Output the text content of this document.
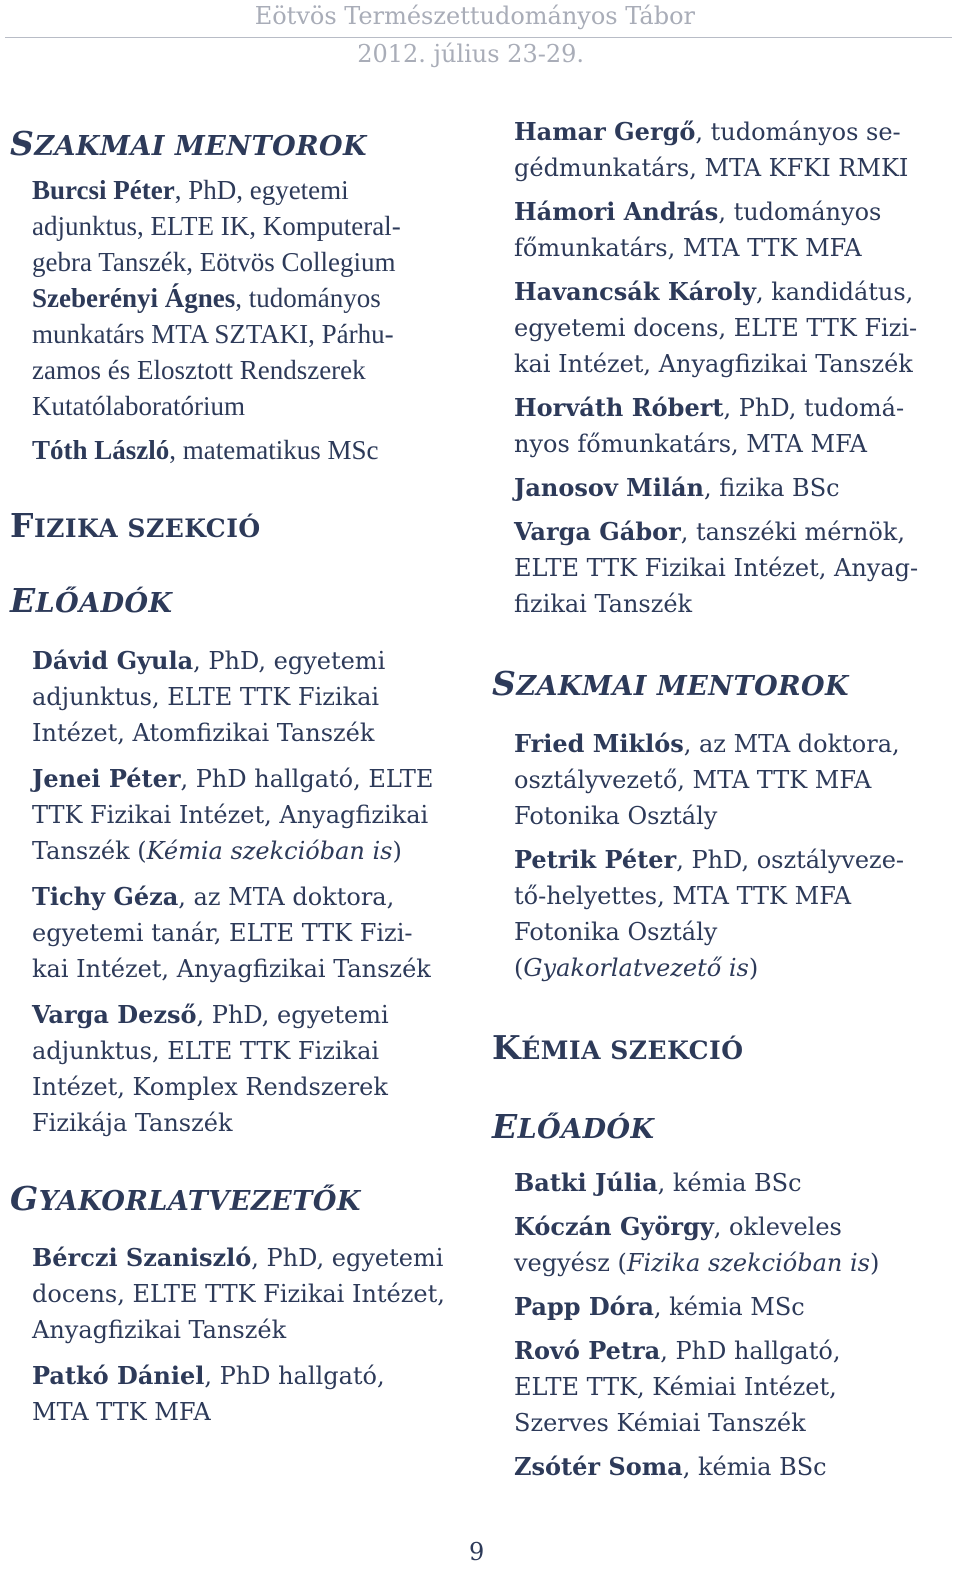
Eötvös Természettudományos Tábor
2012. július 23-29.
SZAKMAI MENTOROK

Burcsi Péter, PhD, egyetemi
adjunktus, ELTE IK, Komputeral-
gebra Tanszék, Eötvös Collegium

Szeberényi Ágnes, tudományos
munkatárs MTA SZTAKI, Párhu-
zamos és Elosztott Rendszerek
Kutatólaboratórium

Tóth László, matematikus MSc

FIZIKA SZEKCIÓ
ELŐADÓK

Dávid Gyula, PhD, egyetemi
adjunktus, ELTE TTK Fizikai
Intézet, Atomfizikai Tanszék

Jenei Péter, PhD hallgató, ELTE
TTK Fizikai Intézet, Anyagfizikai
Tanszék (Kémia szekcióban is)

Tichy Géza, az MTA doktora,
egyetemi tanár, ELTE TTK Fizi-
kai Intézet, Anyagfizikai Tanszék

Varga Dezső, PhD, egyetemi
adjunktus, ELTE TTK Fizikai
Intézet, Komplex Rendszerek
Fizikája Tanszék

GYAKORLATVEZETŐK

Bérczi Szaniszló, PhD, egyetemi
docens, ELTE TTK Fizikai Intézet,
Anyagfizikai Tanszék

Patkó Dániel, PhD hallgató,
MTA TTK MFA

Hamar Gergő, tudományos se-
gédmunkatárs, MTA KFKI RMKI

Hámori András, tudományos
főmunkatárs, MTA TTK MFA

Havancsák Károly, kandidátus,
egyetemi docens, ELTE TTK Fizi-
kai Intézet, Anyagfizikai Tanszék

Horváth Róbert, PhD, tudomá-
nyos főmunkatárs, MTA MFA

Janosov Milán, fizika BSc

Varga Gábor, tanszéki mérnök,
ELTE TTK Fizikai Intézet, Anyag-
fizikai Tanszék

SZAKMAI MENTOROK

Fried Miklós, az MTA doktora,
osztályvezető, MTA TTK MFA
Fotonika Osztály

Petrik Péter, PhD, osztályveze-
tő-helyettes, MTA TTK MFA
Fotonika Osztály
(Gyakorlatvezető is)

KÉMIA SZEKCIÓ
ELŐADÓK

Batki Júlia, kémia BSc

Kóczán György, okleveles
vegyész (Fizika szekcióban is)

Papp Dóra, kémia MSc

Rovó Petra, PhD hallgató,
ELTE TTK, Kémiai Intézet,
Szerves Kémiai Tanszék

Zsótér Soma, kémia BSc

9
